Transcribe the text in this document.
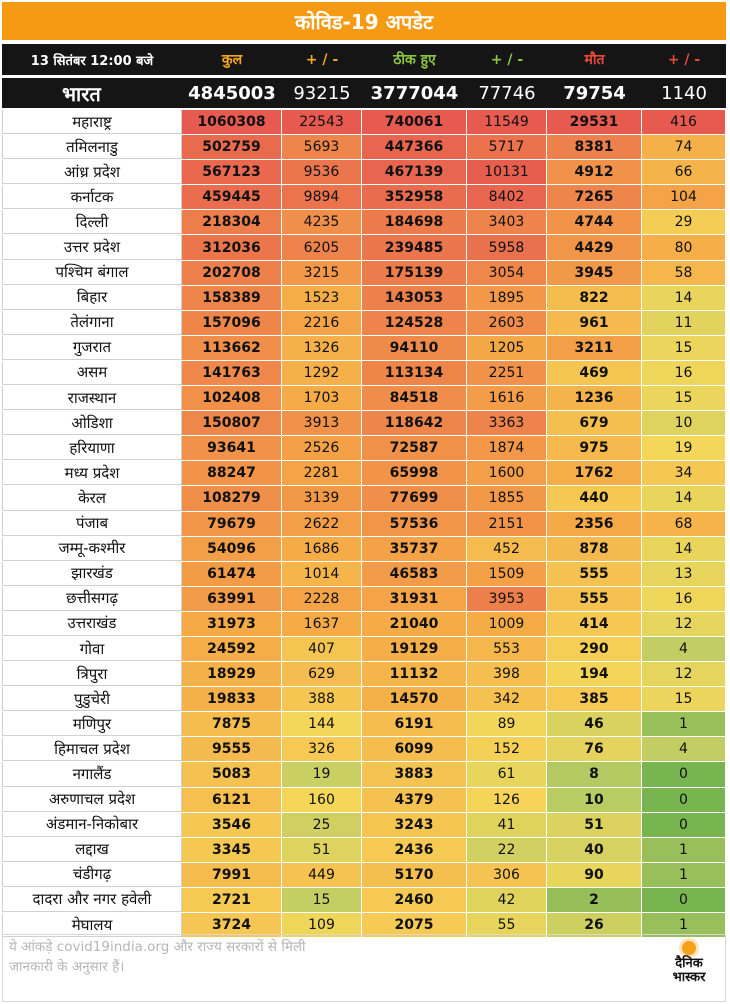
कोविड-19 अपडेट
13 सितंबर 12:00 बजे	कुल	+ / -	ठीक हुए	+ / -	मौत	+ / -
भारत	4845003 93215	3777044	77746	79754	1140
महाराष्ट्र	1060308	22543	740061	11549	29531	416
तमिलनाडु	502759	5693	447366	5717	8381	74
आंध्र प्रदेश	567123	9536	467139	10131	4912	66
कर्नाटक	459445	9894	352958	8402	7265	104
दिल्ली	218304	4235	184698	3403	4744	29
उत्तर प्रदेश	312036	6205	239485	5958	4429	80
पश्चिम बंगाल	202708	3215	175139	3054	3945	58
बिहार	158389	1523	143053	1895	822	14
तेलंगाना	157096	2216	124528	2603	961	11
गुजरात	113662	1326	94110	1205	3211	15
असम	141763	1292	113134	2251	469	16
राजस्थान	102408	1703	84518	1616	1236	15
ओडिशा	150807	3913	118642	3363	679	10
हरियाणा	93641	2526	72587	1874	975	19
मध्य प्रदेश	88247	2281	65998	1600	1762	34
केरल	108279	3139	77699	1855	440	14
पंजाब	79679	2622	57536	2151	2356	68
जम्मू-कश्मीर	54096	1686	35737	452	878	14
झारखंड	61474	1014	46583	1509	555	13
छत्तीसगढ़	63991	2228	31931	3953	555	16
उत्तराखंड	31973	1637	21040	1009	414	12
गोवा	24592	407	19129	553	290	4
त्रिपुरा	18929	629	11132	398	194	12
पुडुचेरी	19833	388	14570	342	385	15
मणिपुर	7875	144	6191	89	46	1
हिमाचल प्रदेश	9555	326	6099	152	76	4
नगालैंड	5083	19	3883	61	8	0
अरुणाचल प्रदेश	6121	160	4379	126	10	0
अंडमान-निकोबार	3546	25	3243	41	51	0
लद्दाख	3345	51	2436	22	40	1
चंडीगढ़	7991	449	5170	306	90	1
दादरा और नगर हवेली	2721	15	2460	42	2	0
मेघालय	3724	109	2075	55	26	1
ये आंकड़े covid19india.org और राज्य सरकारों से मिली जानकारी के अनुसार हैं।	दैनिक
भास्कर
